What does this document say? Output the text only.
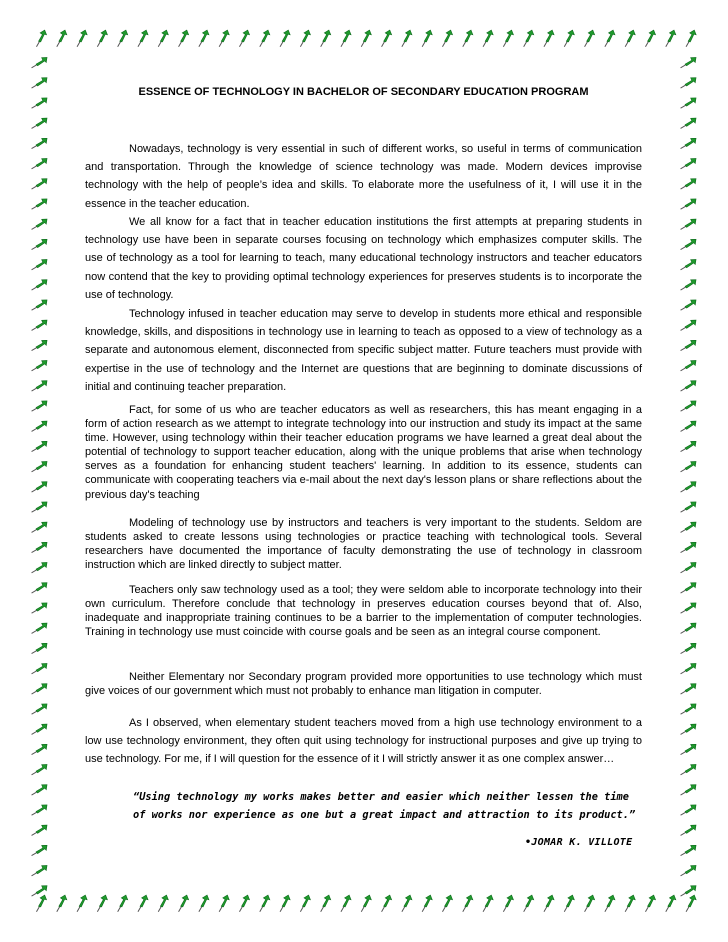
ESSENCE OF TECHNOLOGY IN BACHELOR OF SECONDARY EDUCATION PROGRAM

Nowadays, technology is very essential in such of different works, so useful in terms of communication and transportation. Through the knowledge of science technology was made. Modern devices improvise technology with the help of people’s idea and skills. To elaborate more the usefulness of it, I will use it in the essence in the teacher education.

We all know for a fact that in teacher education institutions the first attempts at preparing students in technology use have been in separate courses focusing on technology which emphasizes computer skills. The use of technology as a tool for learning to teach, many educational technology instructors and teacher educators now contend that the key to providing optimal technology experiences for preserves students is to incorporate the use of technology.

Technology infused in teacher education may serve to develop in students more ethical and responsible knowledge, skills, and dispositions in technology use in learning to teach as opposed to a view of technology as a separate and autonomous element, disconnected from specific subject matter. Future teachers must provide with expertise in the use of technology and the Internet are questions that are beginning to dominate discussions of initial and continuing teacher preparation.

Fact, for some of us who are teacher educators as well as researchers, this has meant engaging in a form of action research as we attempt to integrate technology into our instruction and study its impact at the same time. However, using technology within their teacher education programs we have learned a great deal about the potential of technology to support teacher education, along with the unique problems that arise when technology serves as a foundation for enhancing student teachers' learning. In addition to its essence, students can communicate with cooperating teachers via e-mail about the next day's lesson plans or share reflections about the previous day's teaching

Modeling of technology use by instructors and teachers is very important to the students. Seldom are students asked to create lessons using technologies or practice teaching with technological tools. Several researchers have documented the importance of faculty demonstrating the use of technology in classroom instruction which are linked directly to subject matter.

Teachers only saw technology used as a tool; they were seldom able to incorporate technology into their own curriculum. Therefore conclude that technology in preserves education courses beyond that of. Also, inadequate and inappropriate training continues to be a barrier to the implementation of computer technologies. Training in technology use must coincide with course goals and be seen as an integral course component.

Neither Elementary nor Secondary program provided more opportunities to use technology which must give voices of our government which must not probably to enhance man litigation in computer.

As I observed, when elementary student teachers moved from a high use technology environment to a low use technology environment, they often quit using technology for instructional purposes and give up trying to use technology. For me, if I will question for the essence of it I will strictly answer it as one complex answer…

“Using technology my works makes better and easier which neither lessen the time of works nor experience as one but a great impact and attraction to its product.”

•JOMAR K. VILLOTE
